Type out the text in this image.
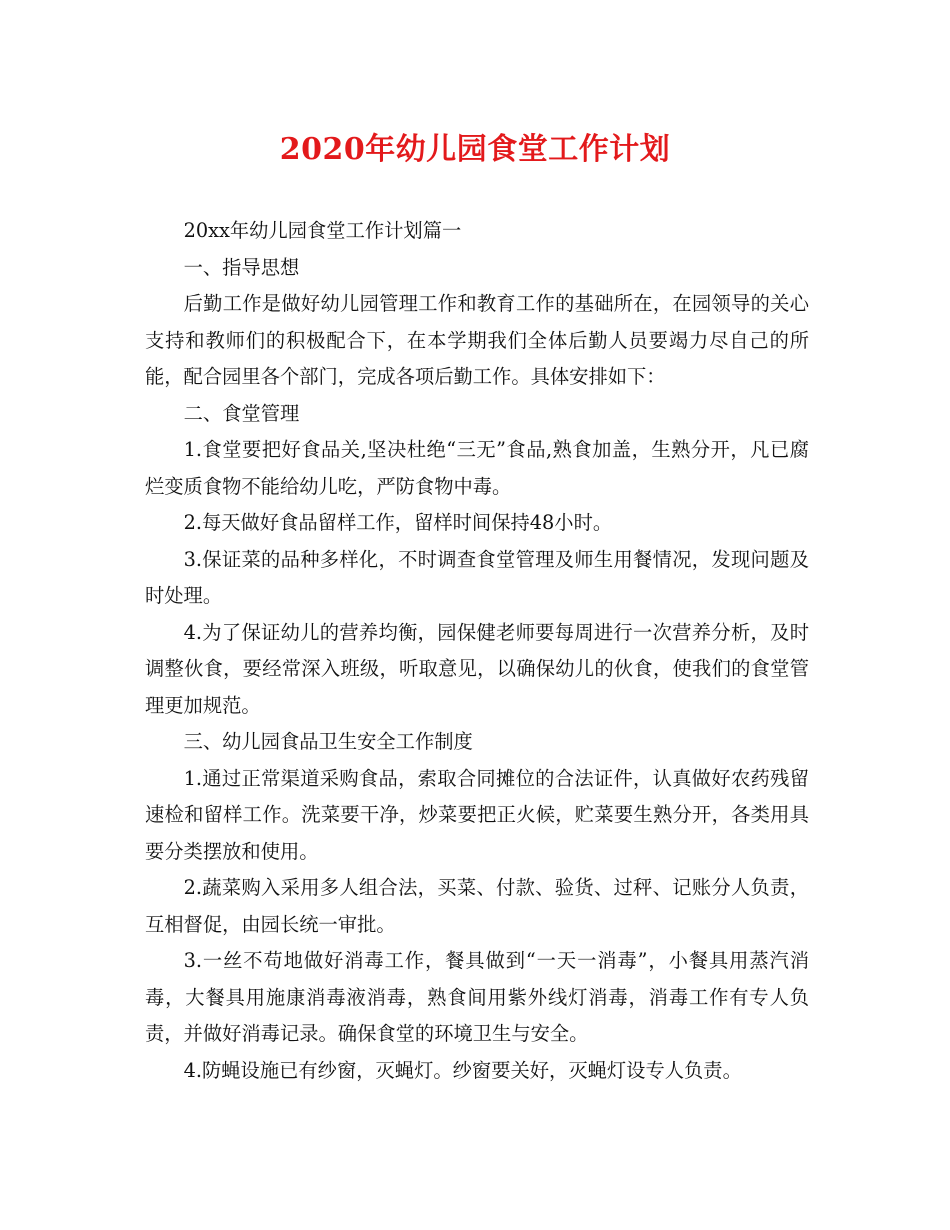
2020年幼儿园食堂工作计划

20xx年幼儿园食堂工作计划篇一

一、指导思想

后勤工作是做好幼儿园管理工作和教育工作的基础所在，在园领导的关心支持和教师们的积极配合下，在本学期我们全体后勤人员要竭力尽自己的所能，配合园里各个部门，完成各项后勤工作。具体安排如下：

二、食堂管理

1.食堂要把好食品关,坚决杜绝“三无”食品,熟食加盖，生熟分开，凡已腐烂变质食物不能给幼儿吃，严防食物中毒。

2.每天做好食品留样工作，留样时间保持48小时。

3.保证菜的品种多样化，不时调查食堂管理及师生用餐情况，发现问题及时处理。

4.为了保证幼儿的营养均衡，园保健老师要每周进行一次营养分析，及时调整伙食，要经常深入班级，听取意见，以确保幼儿的伙食，使我们的食堂管理更加规范。

三、幼儿园食品卫生安全工作制度

1.通过正常渠道采购食品，索取合同摊位的合法证件，认真做好农药残留速检和留样工作。洗菜要干净，炒菜要把正火候，贮菜要生熟分开，各类用具要分类摆放和使用。

2.蔬菜购入采用多人组合法，买菜、付款、验货、过秤、记账分人负责，互相督促，由园长统一审批。

3.一丝不苟地做好消毒工作，餐具做到“一天一消毒”，小餐具用蒸汽消毒，大餐具用施康消毒液消毒，熟食间用紫外线灯消毒，消毒工作有专人负责，并做好消毒记录。确保食堂的环境卫生与安全。

4.防蝇设施已有纱窗，灭蝇灯。纱窗要关好，灭蝇灯设专人负责。
